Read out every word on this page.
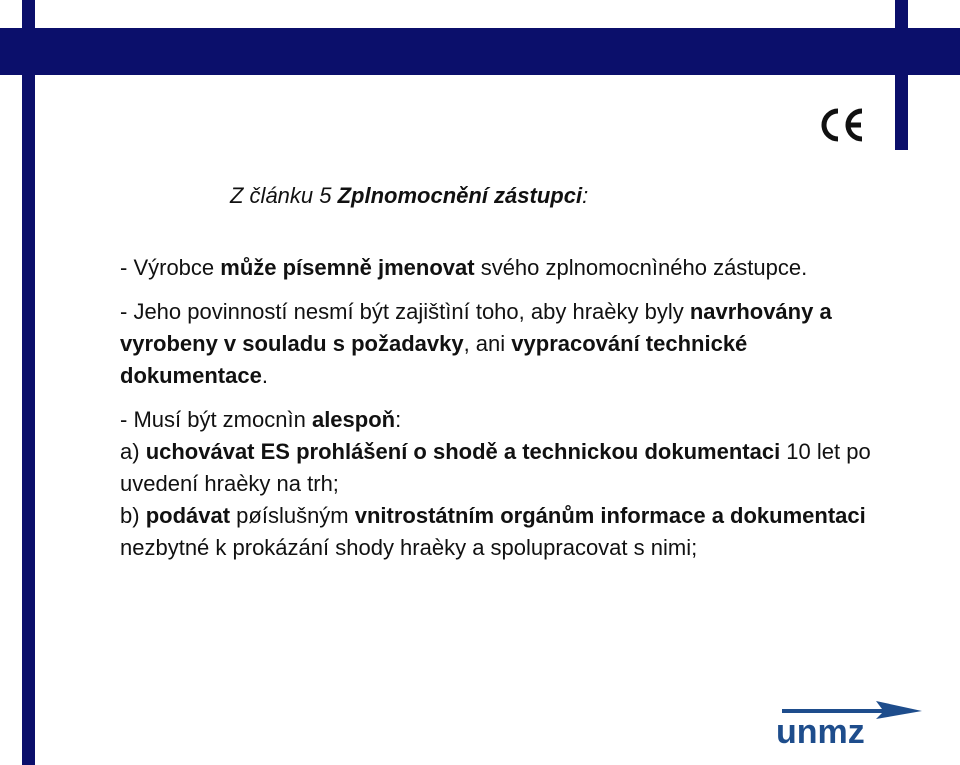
Z článku 5 Zplnomocnění zástupci:

- Výrobce může písemně jmenovat svého zplnomocnìného zástupce.

- Jeho povinností nesmí být zajištìní toho, aby hraèky byly navrhovány a vyrobeny v souladu s požadavky, ani vypracování technické dokumentace.

- Musí být zmocnìn alespoň:

a) uchovávat ES prohlášení o shodě a technickou dokumentaci 10 let po uvedení hraèky na trh;

b) podávat pøíslušným vnitrostátním orgánům informace a dokumentaci nezbytné k prokázání shody hraèky a spolupracovat s nimi;

unmz
